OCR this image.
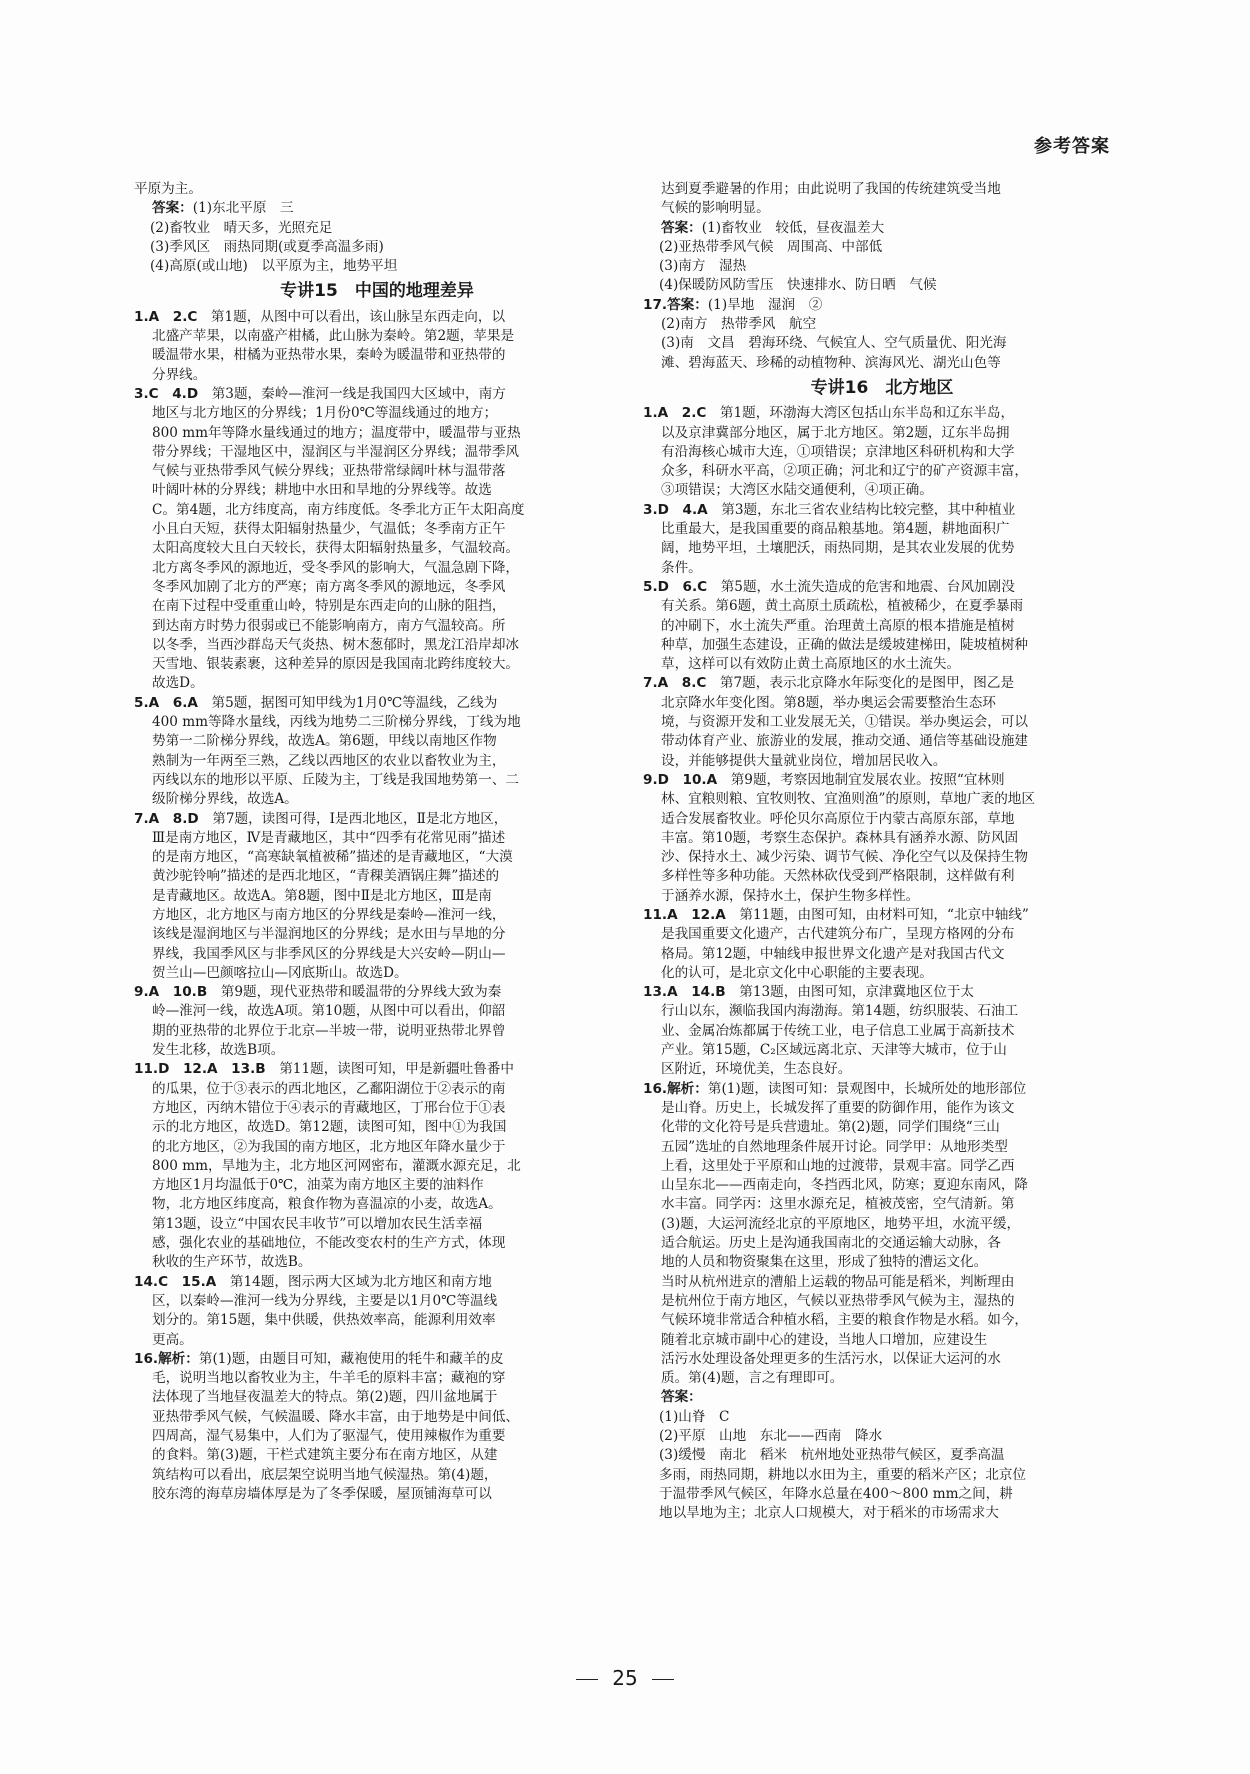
参考答案

平原为主。

答案：(1)东北平原　三

(2)畜牧业　晴天多，光照充足

(3)季风区　雨热同期(或夏季高温多雨)

(4)高原(或山地)　以平原为主，地势平坦

专讲15　中国的地理差异

1.A　2.C　第1题，从图中可以看出，该山脉呈东西走向，以

北盛产苹果，以南盛产柑橘，此山脉为秦岭。第2题，苹果是

暖温带水果，柑橘为亚热带水果，秦岭为暖温带和亚热带的

分界线。

3.C　4.D　第3题，秦岭—淮河一线是我国四大区域中，南方

地区与北方地区的分界线；1月份0℃等温线通过的地方；

800 mm年等降水量线通过的地方；温度带中，暖温带与亚热

带分界线；干湿地区中，湿润区与半湿润区分界线；温带季风

气候与亚热带季风气候分界线；亚热带常绿阔叶林与温带落

叶阔叶林的分界线；耕地中水田和旱地的分界线等。故选

C。第4题，北方纬度高，南方纬度低。冬季北方正午太阳高度

小且白天短，获得太阳辐射热量少，气温低；冬季南方正午

太阳高度较大且白天较长，获得太阳辐射热量多，气温较高。

北方离冬季风的源地近，受冬季风的影响大，气温急剧下降，

冬季风加剧了北方的严寒；南方离冬季风的源地远，冬季风

在南下过程中受重重山岭，特别是东西走向的山脉的阻挡，

到达南方时势力很弱或已不能影响南方，南方气温较高。所

以冬季，当西沙群岛天气炎热、树木葱郁时，黑龙江沿岸却冰

天雪地、银装素裹，这种差异的原因是我国南北跨纬度较大。

故选D。

5.A　6.A　第5题，据图可知甲线为1月0℃等温线，乙线为

400 mm等降水量线，丙线为地势二三阶梯分界线，丁线为地

势第一二阶梯分界线，故选A。第6题，甲线以南地区作物

熟制为一年两至三熟，乙线以西地区的农业以畜牧业为主，

丙线以东的地形以平原、丘陵为主，丁线是我国地势第一、二

级阶梯分界线，故选A。

7.A　8.D　第7题，读图可得，Ⅰ是西北地区，Ⅱ是北方地区，

Ⅲ是南方地区，Ⅳ是青藏地区，其中“四季有花常见雨”描述

的是南方地区，“高寒缺氧植被稀”描述的是青藏地区，“大漠

黄沙驼铃响”描述的是西北地区，“青稞美酒锅庄舞”描述的

是青藏地区。故选A。第8题，图中Ⅱ是北方地区，Ⅲ是南

方地区，北方地区与南方地区的分界线是秦岭—淮河一线，

该线是湿润地区与半湿润地区的分界线；是水田与旱地的分

界线，我国季风区与非季风区的分界线是大兴安岭—阴山—

贺兰山—巴颜喀拉山—冈底斯山。故选D。

9.A　10.B　第9题，现代亚热带和暖温带的分界线大致为秦

岭—淮河一线，故选A项。第10题，从图中可以看出，仰韶

期的亚热带的北界位于北京—半坡一带，说明亚热带北界曾

发生北移，故选B项。

11.D　12.A　13.B　第11题，读图可知，甲是新疆吐鲁番中

的瓜果，位于③表示的西北地区，乙鄱阳湖位于②表示的南

方地区，丙纳木错位于④表示的青藏地区，丁邢台位于①表

示的北方地区，故选D。第12题，读图可知，图中①为我国

的北方地区，②为我国的南方地区，北方地区年降水量少于

800 mm，旱地为主，北方地区河网密布，灌溉水源充足，北

方地区1月均温低于0℃，油菜为南方地区主要的油料作

物，北方地区纬度高，粮食作物为喜温凉的小麦，故选A。

第13题，设立“中国农民丰收节”可以增加农民生活幸福

感，强化农业的基础地位，不能改变农村的生产方式，体现

秋收的生产环节，故选B。

14.C　15.A　第14题，图示两大区域为北方地区和南方地

区，以秦岭—淮河一线为分界线，主要是以1月0℃等温线

划分的。第15题，集中供暖，供热效率高，能源利用效率

更高。

16.解析：第(1)题，由题目可知，藏袍使用的牦牛和藏羊的皮

毛，说明当地以畜牧业为主，牛羊毛的原料丰富；藏袍的穿

法体现了当地昼夜温差大的特点。第(2)题，四川盆地属于

亚热带季风气候，气候温暖、降水丰富，由于地势是中间低、

四周高，湿气易集中，人们为了驱湿气，使用辣椒作为重要

的食料。第(3)题，干栏式建筑主要分布在南方地区，从建

筑结构可以看出，底层架空说明当地气候湿热。第(4)题，

胶东湾的海草房墙体厚是为了冬季保暖，屋顶铺海草可以

达到夏季避暑的作用；由此说明了我国的传统建筑受当地

气候的影响明显。

答案：(1)畜牧业　较低，昼夜温差大

(2)亚热带季风气候　周围高、中部低

(3)南方　湿热

(4)保暖防风防雪压　快速排水、防日晒　气候

17.答案：(1)旱地　湿润　②

(2)南方　热带季风　航空

(3)南　文昌　碧海环绕、气候宜人、空气质量优、阳光海

滩、碧海蓝天、珍稀的动植物种、滨海风光、湖光山色等

专讲16　北方地区

1.A　2.C　第1题，环渤海大湾区包括山东半岛和辽东半岛，

以及京津冀部分地区，属于北方地区。第2题，辽东半岛拥

有沿海核心城市大连，①项错误；京津地区科研机构和大学

众多，科研水平高，②项正确；河北和辽宁的矿产资源丰富，

③项错误；大湾区水陆交通便利，④项正确。

3.D　4.A　第3题，东北三省农业结构比较完整，其中种植业

比重最大，是我国重要的商品粮基地。第4题，耕地面积广

阔，地势平坦，土壤肥沃，雨热同期，是其农业发展的优势

条件。

5.D　6.C　第5题，水土流失造成的危害和地震、台风加剧没

有关系。第6题，黄土高原土质疏松，植被稀少，在夏季暴雨

的冲刷下，水土流失严重。治理黄土高原的根本措施是植树

种草，加强生态建设，正确的做法是缓坡建梯田，陡坡植树种

草，这样可以有效防止黄土高原地区的水土流失。

7.A　8.C　第7题，表示北京降水年际变化的是图甲，图乙是

北京降水年变化图。第8题，举办奥运会需要整治生态环

境，与资源开发和工业发展无关，①错误。举办奥运会，可以

带动体育产业、旅游业的发展，推动交通、通信等基础设施建

设，并能够提供大量就业岗位，增加居民收入。

9.D　10.A　第9题，考察因地制宜发展农业。按照“宜林则

林、宜粮则粮、宜牧则牧、宜渔则渔”的原则，草地广袤的地区

适合发展畜牧业。呼伦贝尔高原位于内蒙古高原东部，草地

丰富。第10题，考察生态保护。森林具有涵养水源、防风固

沙、保持水土、减少污染、调节气候、净化空气以及保持生物

多样性等多种功能。天然林砍伐受到严格限制，这样做有利

于涵养水源，保持水土，保护生物多样性。

11.A　12.A　第11题，由图可知，由材料可知，“北京中轴线”

是我国重要文化遗产，古代建筑分布广，呈现方格网的分布

格局。第12题，中轴线申报世界文化遗产是对我国古代文

化的认可，是北京文化中心职能的主要表现。

13.A　14.B　第13题，由图可知，京津冀地区位于太

行山以东，濒临我国内海渤海。第14题，纺织服装、石油工

业、金属冶炼都属于传统工业，电子信息工业属于高新技术

产业。第15题，C₂区域远离北京、天津等大城市，位于山

区附近，环境优美，生态良好。

16.解析：第(1)题，读图可知：景观图中，长城所处的地形部位

是山脊。历史上，长城发挥了重要的防御作用，能作为该文

化带的文化符号是兵营遗址。第(2)题，同学们围绕“三山

五园”选址的自然地理条件展开讨论。同学甲：从地形类型

上看，这里处于平原和山地的过渡带，景观丰富。同学乙西

山呈东北——西南走向，冬挡西北风，防寒；夏迎东南风，降

水丰富。同学丙：这里水源充足，植被茂密，空气清新。第

(3)题，大运河流经北京的平原地区，地势平坦，水流平缓，

适合航运。历史上是沟通我国南北的交通运输大动脉，各

地的人员和物资聚集在这里，形成了独特的漕运文化。

当时从杭州进京的漕船上运载的物品可能是稻米，判断理由

是杭州位于南方地区，气候以亚热带季风气候为主，湿热的

气候环境非常适合种植水稻，主要的粮食作物是水稻。如今，

随着北京城市副中心的建设，当地人口增加，应建设生

活污水处理设备处理更多的生活污水，以保证大运河的水

质。第(4)题，言之有理即可。

答案：

(1)山脊　C

(2)平原　山地　东北——西南　降水

(3)缓慢　南北　稻米　杭州地处亚热带气候区，夏季高温

多雨，雨热同期，耕地以水田为主，重要的稻米产区；北京位

于温带季风气候区，年降水总量在400～800 mm之间，耕

地以旱地为主；北京人口规模大，对于稻米的市场需求大

25
